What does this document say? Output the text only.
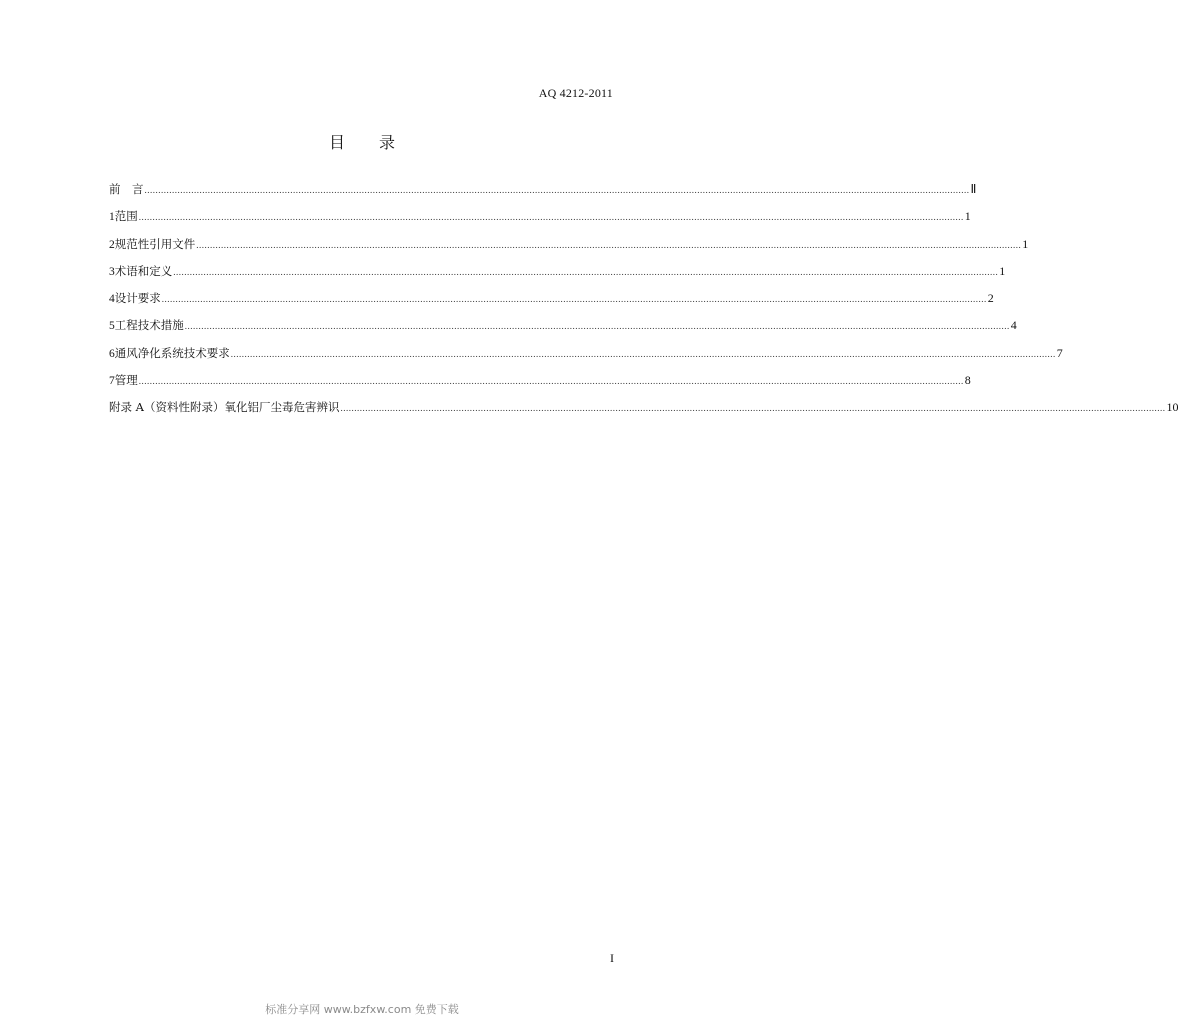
AQ 4212-2011
目 录
前　言 ............................................................................................................................................................................................................................................................................................................ Ⅱ
1 范围 ............................................................................................................................................................................................................................................................................................................ 1
2 规范性引用文件 ............................................................................................................................................................................................................................................................................................................ 1
3 术语和定义 ............................................................................................................................................................................................................................................................................................................ 1
4 设计要求 ............................................................................................................................................................................................................................................................................................................ 2
5 工程技术措施 ............................................................................................................................................................................................................................................................................................................ 4
6 通风净化系统技术要求 ............................................................................................................................................................................................................................................................................................................ 7
7 管理 ............................................................................................................................................................................................................................................................................................................ 8
附录 A（资料性附录）氧化铝厂尘毒危害辨识 ............................................................................................................................................................................................................................................................................................................ 10
I
标准分享网 www.bzfxw.com 免费下载
